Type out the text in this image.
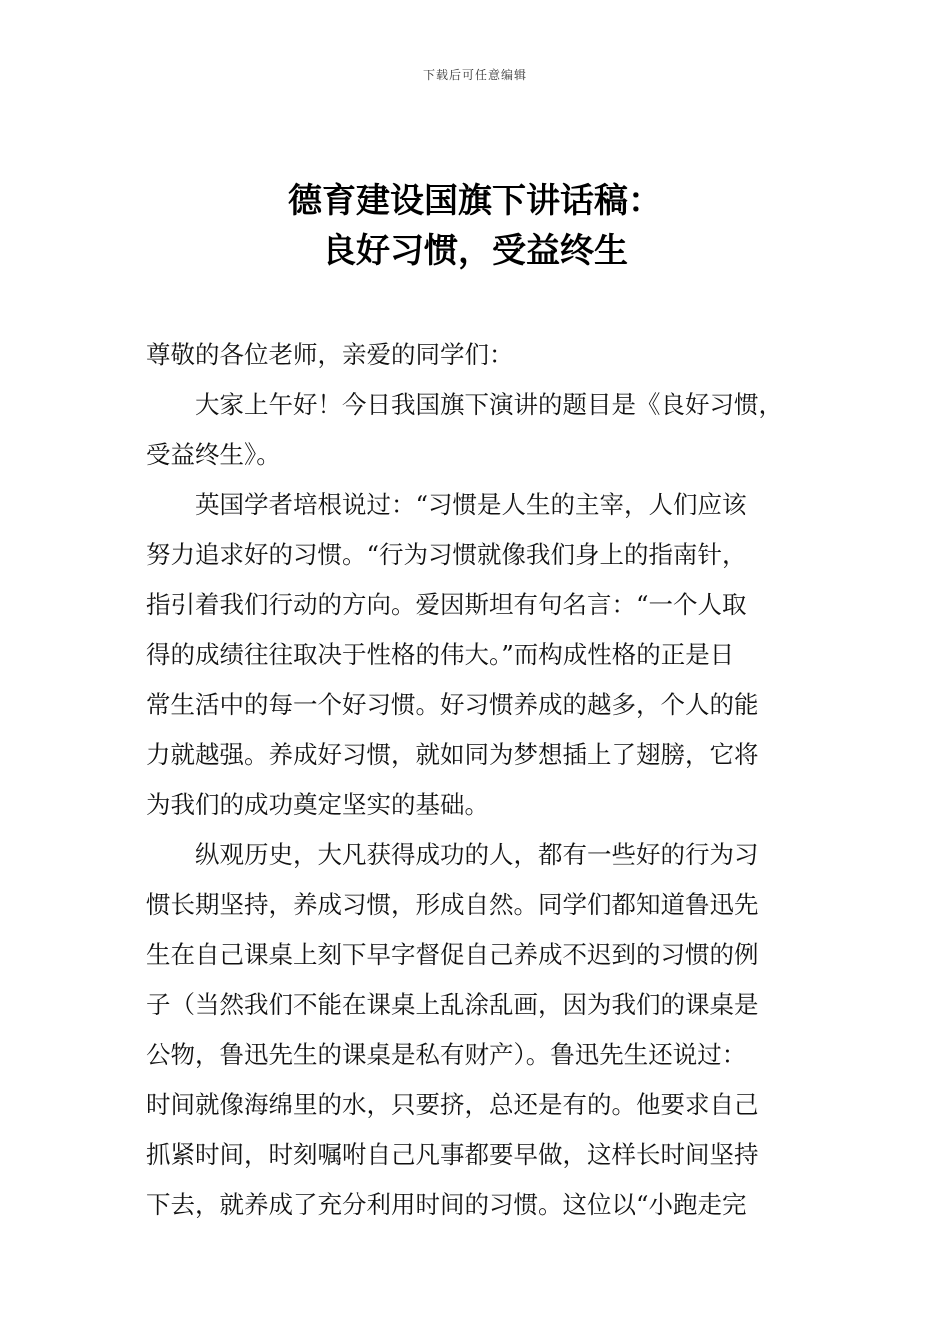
下载后可任意编辑
德育建设国旗下讲话稿：
良好习惯，受益终生
尊敬的各位老师，亲爱的同学们：
大家上午好！今日我国旗下演讲的题目是《良好习惯，
受益终生》。
英国学者培根说过：“习惯是人生的主宰，人们应该
努力追求好的习惯。“行为习惯就像我们身上的指南针，
指引着我们行动的方向。爱因斯坦有句名言：“一个人取
得的成绩往往取决于性格的伟大。”而构成性格的正是日
常生活中的每一个好习惯。好习惯养成的越多，个人的能
力就越强。养成好习惯，就如同为梦想插上了翅膀，它将
为我们的成功奠定坚实的基础。
纵观历史，大凡获得成功的人，都有一些好的行为习
惯长期坚持，养成习惯，形成自然。同学们都知道鲁迅先
生在自己课桌上刻下早字督促自己养成不迟到的习惯的例
子（当然我们不能在课桌上乱涂乱画，因为我们的课桌是
公物，鲁迅先生的课桌是私有财产）。鲁迅先生还说过：
时间就像海绵里的水，只要挤，总还是有的。他要求自己
抓紧时间，时刻嘱咐自己凡事都要早做，这样长时间坚持
下去，就养成了充分利用时间的习惯。这位以“小跑走完
